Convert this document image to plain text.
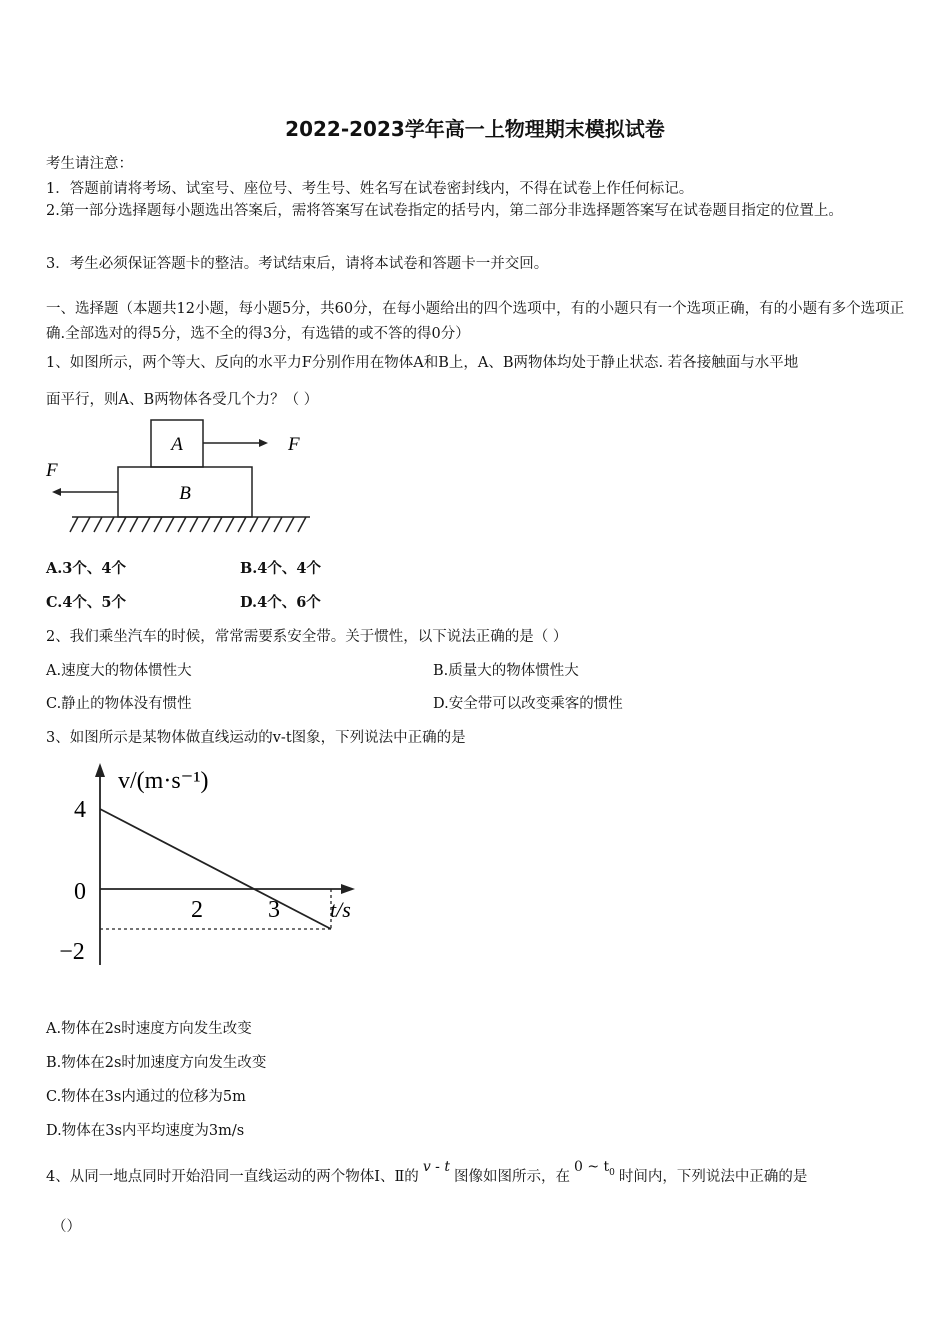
2022-2023学年高一上物理期末模拟试卷
考生请注意：
1．答题前请将考场、试室号、座位号、考生号、姓名写在试卷密封线内，不得在试卷上作任何标记。
2.第一部分选择题每小题选出答案后，需将答案写在试卷指定的括号内，第二部分非选择题答案写在试卷题目指定的位置上。
3．考生必须保证答题卡的整洁。考试结束后，请将本试卷和答题卡一并交回。
一、选择题（本题共12小题，每小题5分，共60分，在每小题给出的四个选项中，有的小题只有一个选项正确，有的小题有多个选项正确.全部选对的得5分，选不全的得3分，有选错的或不答的得0分）
1、如图所示，两个等大、反向的水平力F分别作用在物体A和B上，A、B两物体均处于静止状态. 若各接触面与水平地
面平行，则A、B两物体各受几个力？（ ）
A
B
F
F
A.3个、4个	B.4个、4个
C.4个、5个	D.4个、6个
2、我们乘坐汽车的时候，常常需要系安全带。关于惯性，以下说法正确的是（ ）
A.速度大的物体惯性大	B.质量大的物体惯性大
C.静止的物体没有惯性	D.安全带可以改变乘客的惯性
3、如图所示是某物体做直线运动的v-t图象，下列说法中正确的是
v/(m·s⁻¹)
t/s
4
0
−2
2	3
A.物体在2s时速度方向发生改变
B.物体在2s时加速度方向发生改变
C.物体在3s内通过的位移为5m
D.物体在3s内平均速度为3m/s
4、从同一地点同时开始沿同一直线运动的两个物体Ⅰ、Ⅱ的v - t图像如图所示，在0 ~ $t_0$ 时间内，下列说法中正确的是
（）
